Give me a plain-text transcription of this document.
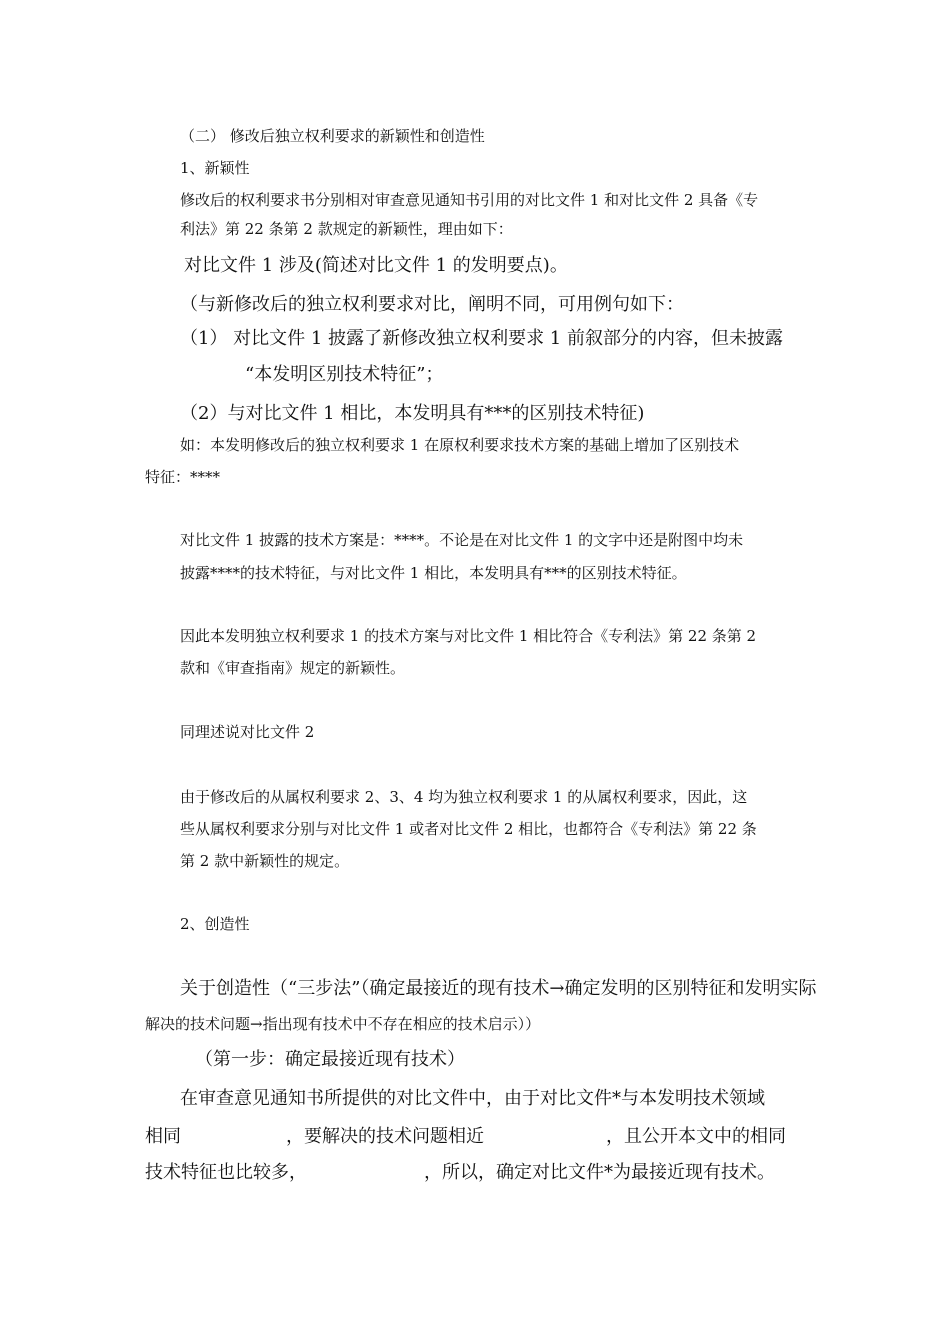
（二） 修改后独立权利要求的新颖性和创造性

1、新颖性

修改后的权利要求书分别相对审查意见通知书引用的对比文件 1 和对比文件 2 具备《专

利法》第 22 条第 2 款规定的新颖性，理由如下：

对比文件 1 涉及(简述对比文件 1 的发明要点)。

（与新修改后的独立权利要求对比，阐明不同，可用例句如下：

（1） 对比文件 1 披露了新修改独立权利要求 1 前叙部分的内容，但未披露

“本发明区别技术特征”；

（2）与对比文件 1 相比，本发明具有***的区别技术特征)

如：本发明修改后的独立权利要求 1 在原权利要求技术方案的基础上增加了区别技术

特征：****

对比文件 1 披露的技术方案是：****。不论是在对比文件 1 的文字中还是附图中均未

披露****的技术特征，与对比文件 1 相比，本发明具有***的区别技术特征。

因此本发明独立权利要求 1 的技术方案与对比文件 1 相比符合《专利法》第 22 条第 2

款和《审查指南》规定的新颖性。

同理述说对比文件 2

由于修改后的从属权利要求 2、3、4 均为独立权利要求 1 的从属权利要求，因此，这

些从属权利要求分别与对比文件 1 或者对比文件 2 相比，也都符合《专利法》第 22 条

第 2 款中新颖性的规定。

2、创造性

关于创造性（“三步法”（确定最接近的现有技术→确定发明的区别特征和发明实际

解决的技术问题→指出现有技术中不存在相应的技术启示））

（第一步：确定最接近现有技术）

在审查意见通知书所提供的对比文件中，由于对比文件*与本发明技术领域

相同	，要解决的技术问题相近	，且公开本文中的相同

技术特征也比较多，	，所以，确定对比文件*为最接近现有技术。
